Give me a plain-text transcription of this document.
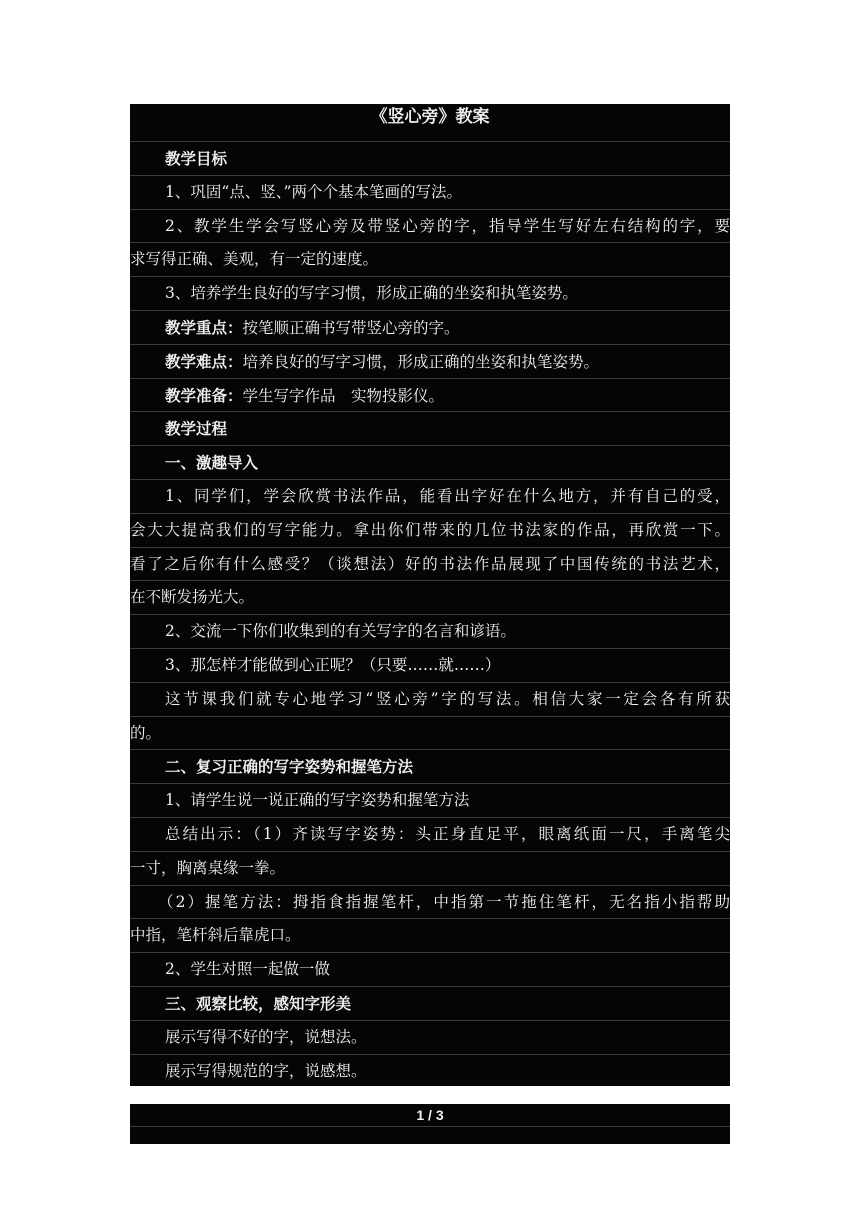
《竖心旁》教案
教学目标
1、巩固“点、竖、”两个个基本笔画的写法。
2、教学生学会写竖心旁及带竖心旁的字，指导学生写好左右结构的字，要
求写得正确、美观，有一定的速度。
3、培养学生良好的写字习惯，形成正确的坐姿和执笔姿势。
教学重点：按笔顺正确书写带竖心旁的字。
教学难点：培养良好的写字习惯，形成正确的坐姿和执笔姿势。
教学准备：学生写字作品　实物投影仪。
教学过程
一、激趣导入
1、同学们，学会欣赏书法作品，能看出字好在什么地方，并有自己的受，
会大大提高我们的写字能力。拿出你们带来的几位书法家的作品，再欣赏一下。
看了之后你有什么感受？（谈想法）好的书法作品展现了中国传统的书法艺术，
在不断发扬光大。
2、交流一下你们收集到的有关写字的名言和谚语。
3、那怎样才能做到心正呢？（只要……就……）
这节课我们就专心地学习“竖心旁”字的写法。相信大家一定会各有所获
的。
二、复习正确的写字姿势和握笔方法
1、请学生说一说正确的写字姿势和握笔方法
总结出示：（1）齐读写字姿势：头正身直足平，眼离纸面一尺，手离笔尖
一寸，胸离桌缘一拳。
（2）握笔方法：拇指食指握笔杆，中指第一节拖住笔杆，无名指小指帮助
中指，笔杆斜后靠虎口。
2、学生对照一起做一做
三、观察比较，感知字形美
展示写得不好的字，说想法。
展示写得规范的字，说感想。
1 / 3
